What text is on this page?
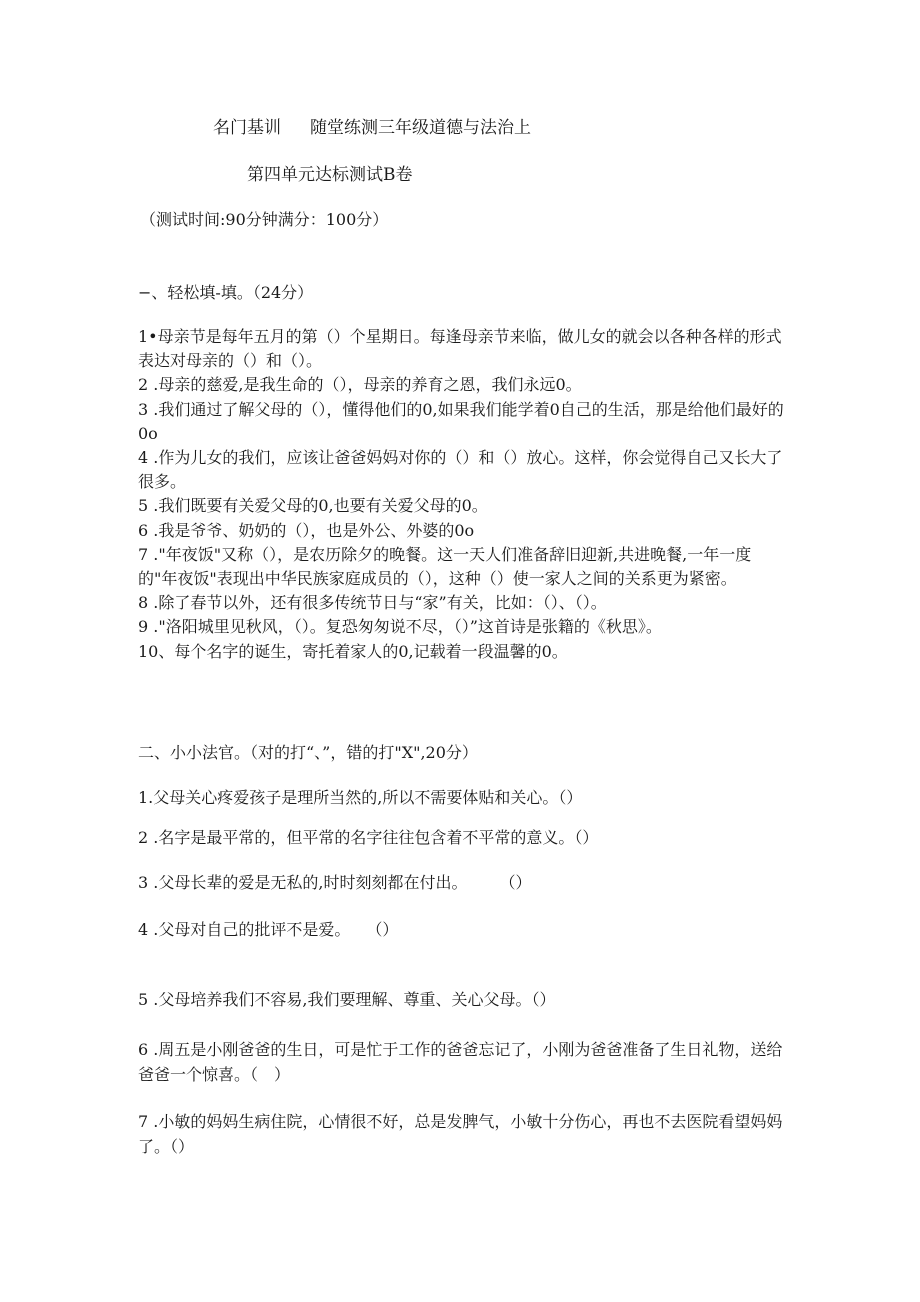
名门基训 随堂练测三年级道德与法治上
第四单元达标测试B卷
（测试时间:90分钟满分：100分）
−、轻松填-填。（24分）

1•母亲节是每年五月的第（）个星期日。每逢母亲节来临，做儿女的就会以各种各样的形式表达对母亲的（）和（）。

2 .母亲的慈爱,是我生命的（），母亲的养育之恩，我们永远0。

3 .我们通过了解父母的（），懂得他们的0,如果我们能学着0自己的生活，那是给他们最好的0o

4 .作为儿女的我们，应该让爸爸妈妈对你的（）和（）放心。这样，你会觉得自己又长大了很多。

5 .我们既要有关爱父母的0,也要有关爱父母的0。

6 .我是爷爷、奶奶的（），也是外公、外婆的0o

7 ."年夜饭"又称（），是农历除夕的晚餐。这一天人们准备辞旧迎新,共进晚餐,一年一度的"年夜饭"表现出中华民族家庭成员的（），这种（）使一家人之间的关系更为紧密。

8 .除了春节以外，还有很多传统节日与“家”有关，比如：（）、（）。

9 ."洛阳城里见秋风，（）。复恐匆匆说不尽，（）”这首诗是张籍的《秋思》。

10、每个名字的诞生，寄托着家人的0,记载着一段温馨的0。

二、小小法官。（对的打“、”，错的打"X",20分）

1.父母关心疼爱孩子是理所当然的,所以不需要体贴和关心。（）

2 .名字是最平常的，但平常的名字往往包含着不平常的意义。（）

3 .父母长辈的爱是无私的,时时刻刻都在付出。　　　（）

4 .父母对自己的批评不是爱。　　（）

5 .父母培养我们不容易,我们要理解、尊重、关心父母。（）

6 .周五是小刚爸爸的生日，可是忙于工作的爸爸忘记了，小刚为爸爸准备了生日礼物，送给爸爸一个惊喜。（　）

7 .小敏的妈妈生病住院，心情很不好，总是发脾气，小敏十分伤心，再也不去医院看望妈妈了。（）
